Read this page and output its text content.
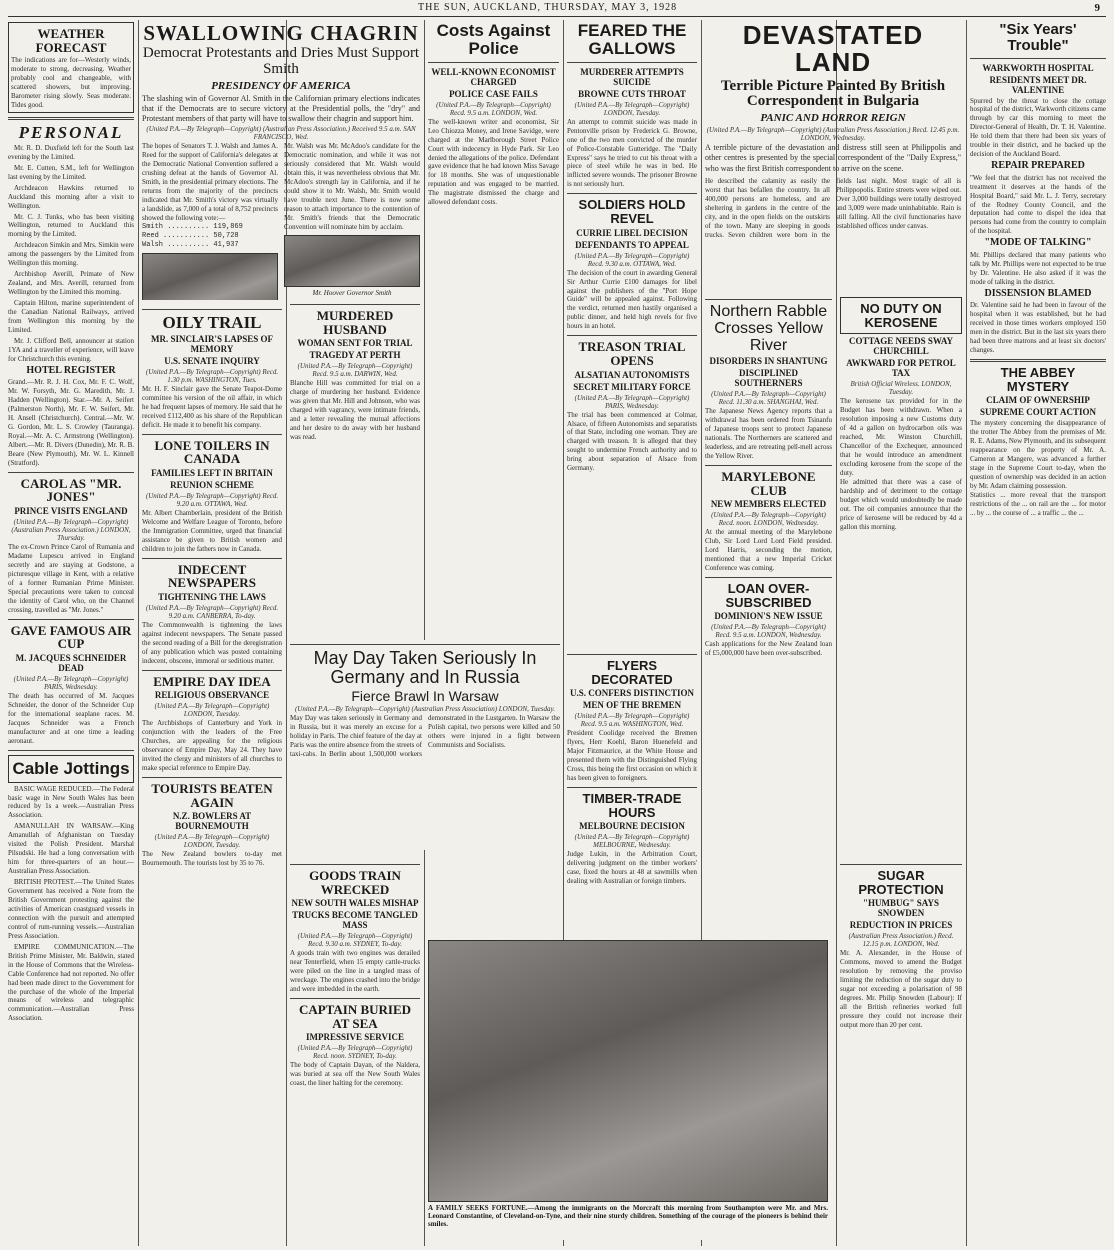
THE SUN, AUCKLAND, THURSDAY, MAY 3, 1928	9
WEATHER FORECAST
The indications are for—Westerly winds, moderate to strong, decreasing. Weather probably cool and changeable, with scattered showers, but improving. Barometer rising slowly. Seas moderate. Tides good.
PERSONAL

Mr. R. D. Duxfield left for the South last evening by the Limited.

Mr. E. Cutten, S.M., left for Wellington last evening by the Limited.

Archdeacon Hawkins returned to Auckland this morning after a visit to Wellington.

Mr. C. J. Tunks, who has been visiting Wellington, returned to Auckland this morning by the Limited.

Archdeacon Simkin and Mrs. Simkin were among the passengers by the Limited from Wellington this morning.

Archbishop Averill, Primate of New Zealand, and Mrs. Averill, returned from Wellington by the Limited this morning.

Captain Hilton, marine superintendent of the Canadian National Railways, arrived from Wellington this morning by the Limited.

Mr. J. Clifford Bell, announcer at station 1YA and a traveller of experience, will leave for Christchurch this evening.

HOTEL REGISTER
Grand.—Mr. R. J. H. Cox, Mr. F. C. Wolf, Mr. W. Forsyth, Mr. G. Maredith, Mr. J. Hadden (Wellington). Star.—Mr. A. Seifert (Palmerston North), Mr. F. W. Seifert, Mr. H. Ansell (Christchurch). Central.—Mr. W. G. Gordon, Mr. L. S. Crowley (Tauranga). Royal.—Mr. A. C. Armstrong (Wellington). Albert.—Mr. R. Divers (Dunedin), Mr. R. B. Beare (New Plymouth), Mr. W. L. Kinnell (Stratford).
CAROL AS "MR. JONES"
PRINCE VISITS ENGLAND
(United P.A.—By Telegraph—Copyright) (Australian Press Association.) LONDON, Thursday.
The ex-Crown Prince Carol of Rumania and Madame Lupescu arrived in England secretly and are staying at Godstone, a picturesque village in Kent, with a relative of a former Rumanian Prime Minister. Special precautions were taken to conceal the identity of Carol who, on the Channel crossing, travelled as "Mr. Jones."
GAVE FAMOUS AIR CUP
M. JACQUES SCHNEIDER DEAD
(United P.A.—By Telegraph—Copyright) PARIS, Wednesday.
The death has occurred of M. Jacques Schneider, the donor of the Schneider Cup for the international seaplane races. M. Jacques Schneider was a French manufacturer and at one time a leading aeronaut.
Cable Jottings

BASIC WAGE REDUCED.—The Federal basic wage in New South Wales has been reduced by 1s a week.—Australian Press Association.

AMANULLAH IN WARSAW.—King Amanullah of Afghanistan on Tuesday visited the Polish President. Marshal Pilsudski. He had a long conversation with him for three-quarters of an hour.—Australian Press Association.

BRITISH PROTEST.—The United States Government has received a Note from the British Government protesting against the activities of American coastguard vessels in connection with the pursuit and attempted control of rum-running vessels.—Australian Press Association.

EMPIRE COMMUNICATION.—The British Prime Minister, Mr. Baldwin, stated in the House of Commons that the Wireless-Cable Conference had not reported. No offer had been made direct to the Government for the purchase of the whole of the Imperial means of wireless and telegraphic communication.—Australian Press Association.

SWALLOWING CHAGRIN
Democrat Protestants and Dries Must Support Smith
PRESIDENCY OF AMERICA
The slashing win of Governor Al. Smith in the Californian primary elections indicates that if the Democrats are to secure victory at the Presidential polls, the "dry" and Protestant members of that party will have to swallow their chagrin and support him.
(United P.A.—By Telegraph—Copyright) (Australian Press Association.) Received 9.5 a.m. SAN FRANCISCO, Wed.
The hopes of Senators T. J. Walsh and James A. Reed for the support of California's delegates at the Democratic National Convention suffered a crushing defeat at the hands of Governor Al. Smith, in the presidential primary elections. The returns from the majority of the precincts indicated that Mr. Smith's victory was virtually a landslide, as 7,000 of a total of 8,752 precincts showed the following vote:—
Smith .......... 119,869
Reed ........... 50,728
Walsh .......... 41,937
Mr. Walsh was Mr. McAdoo's candidate for the Democratic nomination, and while it was not seriously considered that Mr. Walsh would obtain this, it was nevertheless obvious that Mr. McAdoo's strength lay in California, and if he could show it to Mr. Walsh, Mr. Smith would have trouble next June. There is now some reason to attach importance to the contention of Mr. Smith's friends that the Democratic Convention will nominate him by acclaim.
Mr. Hoover Governor Smith
OILY TRAIL
MR. SINCLAIR'S LAPSES OF MEMORY
U.S. SENATE INQUIRY
(United P.A.—By Telegraph—Copyright) Recd. 1.30 p.m. WASHINGTON, Tues.
Mr. H. F. Sinclair gave the Senate Teapot-Dome committee his version of the oil affair, in which he had frequent lapses of memory. He said that he received £112,400 as his share of the Republican deficit. He made it to benefit his company.
LONE TOILERS IN CANADA
FAMILIES LEFT IN BRITAIN
REUNION SCHEME
(United P.A.—By Telegraph—Copyright) Recd. 9.20 a.m. OTTAWA, Wed.
Mr. Albert Chamberlain, president of the British Welcome and Welfare League of Toronto, before the Immigration Committee, urged that financial assistance be given to British women and children to join the fathers now in Canada.
INDECENT NEWSPAPERS
TIGHTENING THE LAWS
(United P.A.—By Telegraph—Copyright) Recd. 9.20 a.m. CANBERRA, To-day.
The Commonwealth is tightening the laws against indecent newspapers. The Senate passed the second reading of a Bill for the deregistration of any publication which was posted containing indecent, obscene, immoral or seditious matter.
EMPIRE DAY IDEA
RELIGIOUS OBSERVANCE
(United P.A.—By Telegraph—Copyright) LONDON, Tuesday.
The Archbishops of Canterbury and York in conjunction with the leaders of the Free Churches, are appealing for the religious observance of Empire Day, May 24. They have invited the clergy and ministers of all churches to make special reference to Empire Day.
TOURISTS BEATEN AGAIN
N.Z. BOWLERS AT BOURNEMOUTH
(United P.A.—By Telegraph—Copyright) LONDON, Tuesday.
The New Zealand bowlers to-day met Bournemouth. The tourists lost by 35 to 76.
Costs Against Police
WELL-KNOWN ECONOMIST CHARGED
POLICE CASE FAILS
(United P.A.—By Telegraph—Copyright) Recd. 9.5 a.m. LONDON, Wed.
The well-known writer and economist, Sir Leo Chiozza Money, and Irene Savidge, were charged at the Marlborough Street Police Court with indecency in Hyde Park. Sir Leo denied the allegations of the police. Defendant gave evidence that he had known Miss Savage for 18 months. She was of unquestionable reputation and was engaged to be married. The magistrate dismissed the charge and allowed defendant costs.
MURDERED HUSBAND
WOMAN SENT FOR TRIAL
TRAGEDY AT PERTH
(United P.A.—By Telegraph—Copyright) Recd. 9.5 a.m. DARWIN, Wed.
Blanche Hill was committed for trial on a charge of murdering her husband. Evidence was given that Mr. Hill and Johnson, who was charged with vagrancy, were intimate friends, and a letter revealing the mutual affections and her desire to do away with her husband was read.
May Day Taken Seriously In Germany and In Russia
Fierce Brawl In Warsaw
(United P.A.—By Telegraph—Copyright) (Australian Press Association) LONDON, Tuesday.
May Day was taken seriously in Germany and in Russia, but it was merely an excuse for a holiday in Paris. The chief feature of the day at Paris was the entire absence from the streets of taxi-cabs. In Berlin about 1,500,000 workers demonstrated in the Lustgarten. In Warsaw the Polish capital, two persons were killed and 50 others were injured in a fight between Communists and Socialists.
GOODS TRAIN WRECKED
NEW SOUTH WALES MISHAP
TRUCKS BECOME TANGLED MASS
(United P.A.—By Telegraph—Copyright) Recd. 9.30 a.m. SYDNEY, To-day.
A goods train with two engines was derailed near Tenterfield, when 15 empty cattle-trucks were piled on the line in a tangled mass of wreckage. The engines crashed into the bridge and were imbedded in the earth.
CAPTAIN BURIED AT SEA
IMPRESSIVE SERVICE
(United P.A.—By Telegraph—Copyright) Recd. noon. SYDNEY, To-day.
The body of Captain Dayan, of the Naldera, was buried at sea off the New South Wales coast, the liner halting for the ceremony.
FEARED THE GALLOWS
MURDERER ATTEMPTS SUICIDE
BROWNE CUTS THROAT
(United P.A.—By Telegraph—Copyright) LONDON, Tuesday.
An attempt to commit suicide was made in Pentonville prison by Frederick G. Browne, one of the two men convicted of the murder of Police-Constable Gutteridge. The "Daily Express" says he tried to cut his throat with a piece of steel while he was in bed. He inflicted severe wounds. The prisoner Browne is not seriously hurt.
SOLDIERS HOLD REVEL
CURRIE LIBEL DECISION
DEFENDANTS TO APPEAL
(United P.A.—By Telegraph—Copyright) Recd. 9.30 a.m. OTTAWA, Wed.
The decision of the court in awarding General Sir Arthur Currie £100 damages for libel against the publishers of the "Port Hope Guide" will be appealed against. Following the verdict, returned men hastily organised a public dinner, and held high revels for five hours in an hotel.
TREASON TRIAL OPENS
ALSATIAN AUTONOMISTS
SECRET MILITARY FORCE
(United P.A.—By Telegraph—Copyright) PARIS, Wednesday.
The trial has been commenced at Colmar, Alsace, of fifteen Autonomists and separatists of that State, including one woman. They are charged with treason. It is alleged that they sought to undermine French authority and to bring about separation of Alsace from Germany.
FLYERS DECORATED
U.S. CONFERS DISTINCTION
MEN OF THE BREMEN
(United P.A.—By Telegraph—Copyright) Recd. 9.5 a.m. WASHINGTON, Wed.
President Coolidge received the Bremen flyers, Herr Koehl, Baron Huenefeld and Major Fitzmaurice, at the White House and presented them with the Distinguished Flying Cross, this being the first occasion on which it has been given to foreigners.
TIMBER-TRADE HOURS
MELBOURNE DECISION
(United P.A.—By Telegraph—Copyright) MELBOURNE, Wednesday.
Judge Lukin, in the Arbitration Court, delivering judgment on the timber workers' case, fixed the hours at 48 at sawmills when dealing with Australian or foreign timbers.
DEVASTATED LAND
Terrible Picture Painted By British Correspondent in Bulgaria
PANIC AND HORROR REIGN
(United P.A.—By Telegraph—Copyright) (Australian Press Association.) Recd. 12.45 p.m. LONDON, Wednesday.
A terrible picture of the devastation and distress still seen at Philippolis and other centres is presented by the special correspondent of the "Daily Express," who was the first British correspondent to arrive on the scene.
He described the calamity as easily the worst that has befallen the country. In all 400,000 persons are homeless, and are sheltering in gardens in the centre of the city, and in the open fields on the outskirts of the town. Many are sleeping in goods trucks. Seven children were born in the fields last night. Most tragic of all is Philippopolis. Entire streets were wiped out. Over 3,000 buildings were totally destroyed and 3,009 were made uninhabitable. Rain is still falling. All the civil functionaries have established offices under canvas.
Northern Rabble Crosses Yellow River
DISORDERS IN SHANTUNG
DISCIPLINED SOUTHERNERS
(United P.A.—By Telegraph—Copyright) Recd. 11.30 a.m. SHANGHAI, Wed.
The Japanese News Agency reports that a withdrawal has been ordered from Tsinanfu of Japanese troops sent to protect Japanese nationals. The Northerners are scattered and leaderless, and are retreating pell-mell across the Yellow River.
MARYLEBONE CLUB
NEW MEMBERS ELECTED
(United P.A.—By Telegraph—Copyright) Recd. noon. LONDON, Wednesday.
At the annual meeting of the Marylebone Club, Sir Lord Lord Lord Field presided. Lord Harris, seconding the motion, mentioned that a new Imperial Cricket Conference was coming.
LOAN OVER-SUBSCRIBED
DOMINION'S NEW ISSUE
(United P.A.—By Telegraph—Copyright) Recd. 9.5 a.m. LONDON, Wednesday.
Cash applications for the New Zealand loan of £5,000,000 have been over-subscribed.
NO DUTY ON KEROSENE
COTTAGE NEEDS SWAY CHURCHILL
AWKWARD FOR PETROL TAX
British Official Wireless. LONDON, Tuesday.
The kerosene tax provided for in the Budget has been withdrawn. When a resolution imposing a new Customs duty of 4d a gallon on hydrocarbon oils was reached, Mr. Winston Churchill, Chancellor of the Exchequer, announced that he would introduce an amendment excluding kerosene from the scope of the duty.
He admitted that there was a case of hardship and of detriment to the cottage budget which would undoubtedly be made out. The oil companies announce that the price of kerosene will be reduced by 4d a gallon this morning.
A FAMILY SEEKS FORTUNE.—Among the immigrants on the Morcraft this morning from Southampton were Mr. and Mrs. Leonard Constantine, of Cleveland-on-Tyne, and their nine sturdy children. Something of the courage of the pioneers is behind their smiles.
SUGAR PROTECTION
"HUMBUG" SAYS SNOWDEN
REDUCTION IN PRICES
(Australian Press Association.) Recd. 12.15 p.m. LONDON, Wed.
Mr. A. Alexander, in the House of Commons, moved to amend the Budget resolution by removing the proviso limiting the reduction of the sugar duty to sugar not exceeding a polarisation of 98 degrees. Mr. Philip Snowden (Labour): If all the British refineries worked full pressure they could not increase their output more than 20 per cent.
"Six Years' Trouble"
WARKWORTH HOSPITAL
RESIDENTS MEET DR. VALENTINE
Spurred by the threat to close the cottage hospital of the district, Warkworth citizens came through by car this morning to meet the Director-General of Health, Dr. T. H. Valentine. He told them that there had been six years of trouble in their district, and he backed up the decision of the Auckland Board.
REPAIR PREPARED
"We feel that the district has not received the treatment it deserves at the hands of the Hospital Board," said Mr. L. J. Terry, secretary of the Rodney County Council, and the deputation had come to dispel the idea that persons had come from the country to complain of the hospital.
"MODE OF TALKING"
Mr. Phillips declared that many patients who talk by Mr. Phillips were not expected to be true by Dr. Valentine. He also asked if it was the mode of talking in the district.
DISSENSION BLAMED
Dr. Valentine said he had been in favour of the hospital when it was established, but he had received in those times workers employed 150 men in the district. But in the last six years there had been three matrons and at least six doctors' changes.
THE ABBEY MYSTERY
CLAIM OF OWNERSHIP
SUPREME COURT ACTION
The mystery concerning the disappearance of the trotter The Abbey from the premises of Mr. R. E. Adams, New Plymouth, and its subsequent reappearance on the property of Mr. A. Cameron at Mangere, was advanced a further stage in the Supreme Court to-day, when the question of ownership was decided in an action by Mr. Adam claiming possession.
Statistics ... more reveal that the transport restrictions of the ... on rail are the ... for motor ... by ... the course of ... a traffic ... the ...
